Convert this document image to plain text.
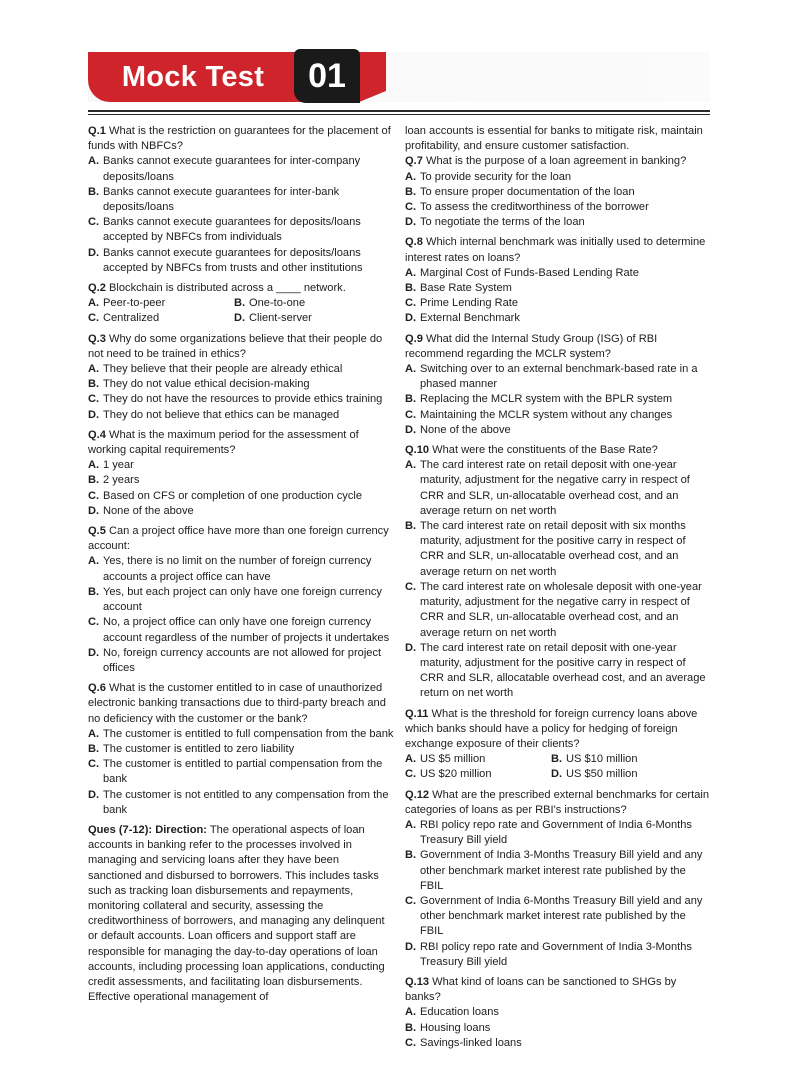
Mock Test	01

Q.1 What is the restriction on guarantees for the placement of funds with NBFCs?

A. Banks cannot execute guarantees for inter-company deposits/loans
B. Banks cannot execute guarantees for inter-bank deposits/loans
C. Banks cannot execute guarantees for deposits/loans accepted by NBFCs from individuals
D. Banks cannot execute guarantees for deposits/loans accepted by NBFCs from trusts and other institutions

Q.2 Blockchain is distributed across a ____ network.

A. Peer-to-peer	B. One-to-one
C. Centralized	D. Client-server

Q.3 Why do some organizations believe that their people do not need to be trained in ethics?

A. They believe that their people are already ethical
B. They do not value ethical decision-making
C. They do not have the resources to provide ethics training
D. They do not believe that ethics can be managed

Q.4 What is the maximum period for the assessment of working capital requirements?

A. 1 year
B. 2 years
C. Based on CFS or completion of one production cycle
D. None of the above

Q.5 Can a project office have more than one foreign currency account:

A. Yes, there is no limit on the number of foreign currency accounts a project office can have
B. Yes, but each project can only have one foreign currency account
C. No, a project office can only have one foreign currency account regardless of the number of projects it undertakes
D. No, foreign currency accounts are not allowed for project offices

Q.6 What is the customer entitled to in case of unauthorized electronic banking transactions due to third-party breach and no deficiency with the customer or the bank?

A. The customer is entitled to full compensation from the bank
B. The customer is entitled to zero liability
C. The customer is entitled to partial compensation from the bank
D. The customer is not entitled to any compensation from the bank

Ques (7-12): Direction: The operational aspects of loan accounts in banking refer to the processes involved in managing and servicing loans after they have been sanctioned and disbursed to borrowers. This includes tasks such as tracking loan disbursements and repayments, monitoring collateral and security, assessing the creditworthiness of borrowers, and managing any delinquent or default accounts. Loan officers and support staff are responsible for managing the day-to-day operations of loan accounts, including processing loan applications, conducting credit assessments, and facilitating loan disbursements. Effective operational management of

loan accounts is essential for banks to mitigate risk, maintain profitability, and ensure customer satisfaction.

Q.7 What is the purpose of a loan agreement in banking?

A. To provide security for the loan
B. To ensure proper documentation of the loan
C. To assess the creditworthiness of the borrower
D. To negotiate the terms of the loan

Q.8 Which internal benchmark was initially used to determine interest rates on loans?

A. Marginal Cost of Funds-Based Lending Rate
B. Base Rate System
C. Prime Lending Rate
D. External Benchmark

Q.9 What did the Internal Study Group (ISG) of RBI recommend regarding the MCLR system?

A. Switching over to an external benchmark-based rate in a phased manner
B. Replacing the MCLR system with the BPLR system
C. Maintaining the MCLR system without any changes
D. None of the above

Q.10 What were the constituents of the Base Rate?

A. The card interest rate on retail deposit with one-year maturity, adjustment for the negative carry in respect of CRR and SLR, un-allocatable overhead cost, and an average return on net worth
B. The card interest rate on retail deposit with six months maturity, adjustment for the positive carry in respect of CRR and SLR, un-allocatable overhead cost, and an average return on net worth
C. The card interest rate on wholesale deposit with one-year maturity, adjustment for the negative carry in respect of CRR and SLR, un-allocatable overhead cost, and an average return on net worth
D. The card interest rate on retail deposit with one-year maturity, adjustment for the positive carry in respect of CRR and SLR, allocatable overhead cost, and an average return on net worth

Q.11 What is the threshold for foreign currency loans above which banks should have a policy for hedging of foreign exchange exposure of their clients?

A. US $5 million	B. US $10 million
C. US $20 million	D. US $50 million

Q.12 What are the prescribed external benchmarks for certain categories of loans as per RBI's instructions?

A. RBI policy repo rate and Government of India 6-Months Treasury Bill yield
B. Government of India 3-Months Treasury Bill yield and any other benchmark market interest rate published by the FBIL
C. Government of India 6-Months Treasury Bill yield and any other benchmark market interest rate published by the FBIL
D. RBI policy repo rate and Government of India 3-Months Treasury Bill yield

Q.13 What kind of loans can be sanctioned to SHGs by banks?

A. Education loans
B. Housing loans
C. Savings-linked loans
